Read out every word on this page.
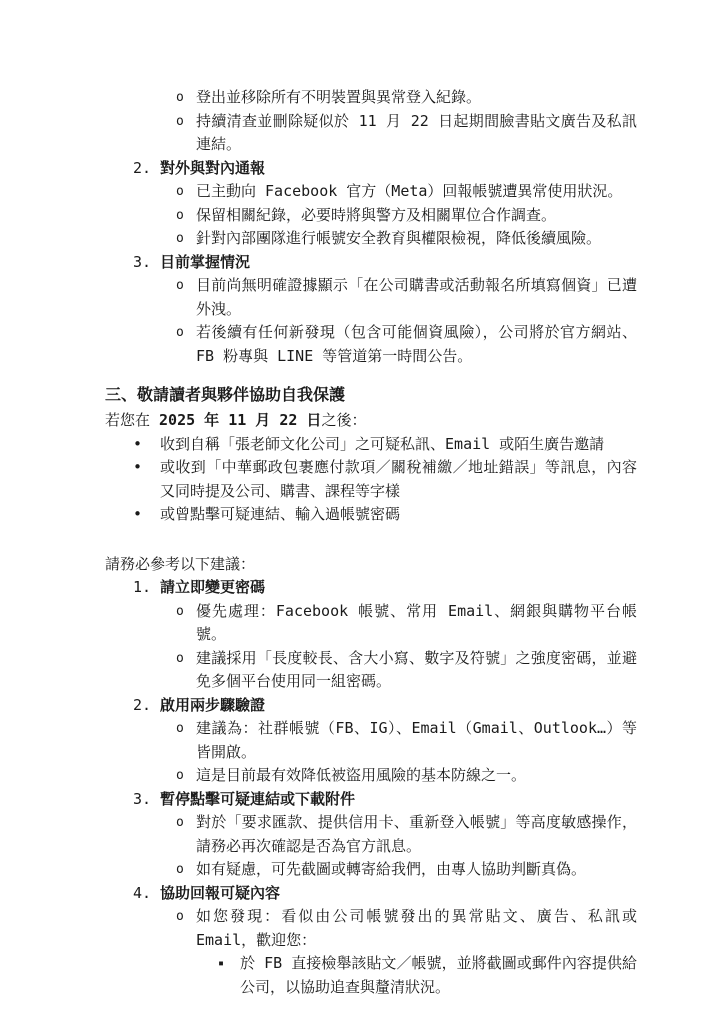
o 登出並移除所有不明裝置與異常登入紀錄。
o 持續清查並刪除疑似於 11 月 22 日起期間臉書貼文廣告及私訊連結。
2. 對外與對內通報
o 已主動向 Facebook 官方（Meta）回報帳號遭異常使用狀況。
o 保留相關紀錄，必要時將與警方及相關單位合作調查。
o 針對內部團隊進行帳號安全教育與權限檢視，降低後續風險。
3. 目前掌握情況
o 目前尚無明確證據顯示「在公司購書或活動報名所填寫個資」已遭外洩。
o 若後續有任何新發現（包含可能個資風險），公司將於官方網站、FB 粉專與 LINE 等管道第一時間公告。
三、敬請讀者與夥伴協助自我保護
若您在 2025 年 11 月 22 日之後：
•	收到自稱「張老師文化公司」之可疑私訊、Email 或陌生廣告邀請
•	或收到「中華郵政包裹應付款項／關稅補繳／地址錯誤」等訊息，內容又同時提及公司、購書、課程等字樣
•	或曾點擊可疑連結、輸入過帳號密碼
請務必參考以下建議：
1. 請立即變更密碼
o 優先處理：Facebook 帳號、常用 Email、網銀與購物平台帳號。
o 建議採用「長度較長、含大小寫、數字及符號」之強度密碼，並避免多個平台使用同一組密碼。
2. 啟用兩步驟驗證
o 建議為：社群帳號（FB、IG）、Email（Gmail、Outlook…）等皆開啟。
o 這是目前最有效降低被盜用風險的基本防線之一。
3. 暫停點擊可疑連結或下載附件
o 對於「要求匯款、提供信用卡、重新登入帳號」等高度敏感操作，請務必再次確認是否為官方訊息。
o 如有疑慮，可先截圖或轉寄給我們，由專人協助判斷真偽。
4. 協助回報可疑內容
o 如您發現：看似由公司帳號發出的異常貼文、廣告、私訊或 Email，歡迎您：
▪	於 FB 直接檢舉該貼文／帳號，並將截圖或郵件內容提供給公司，以協助追查與釐清狀況。
